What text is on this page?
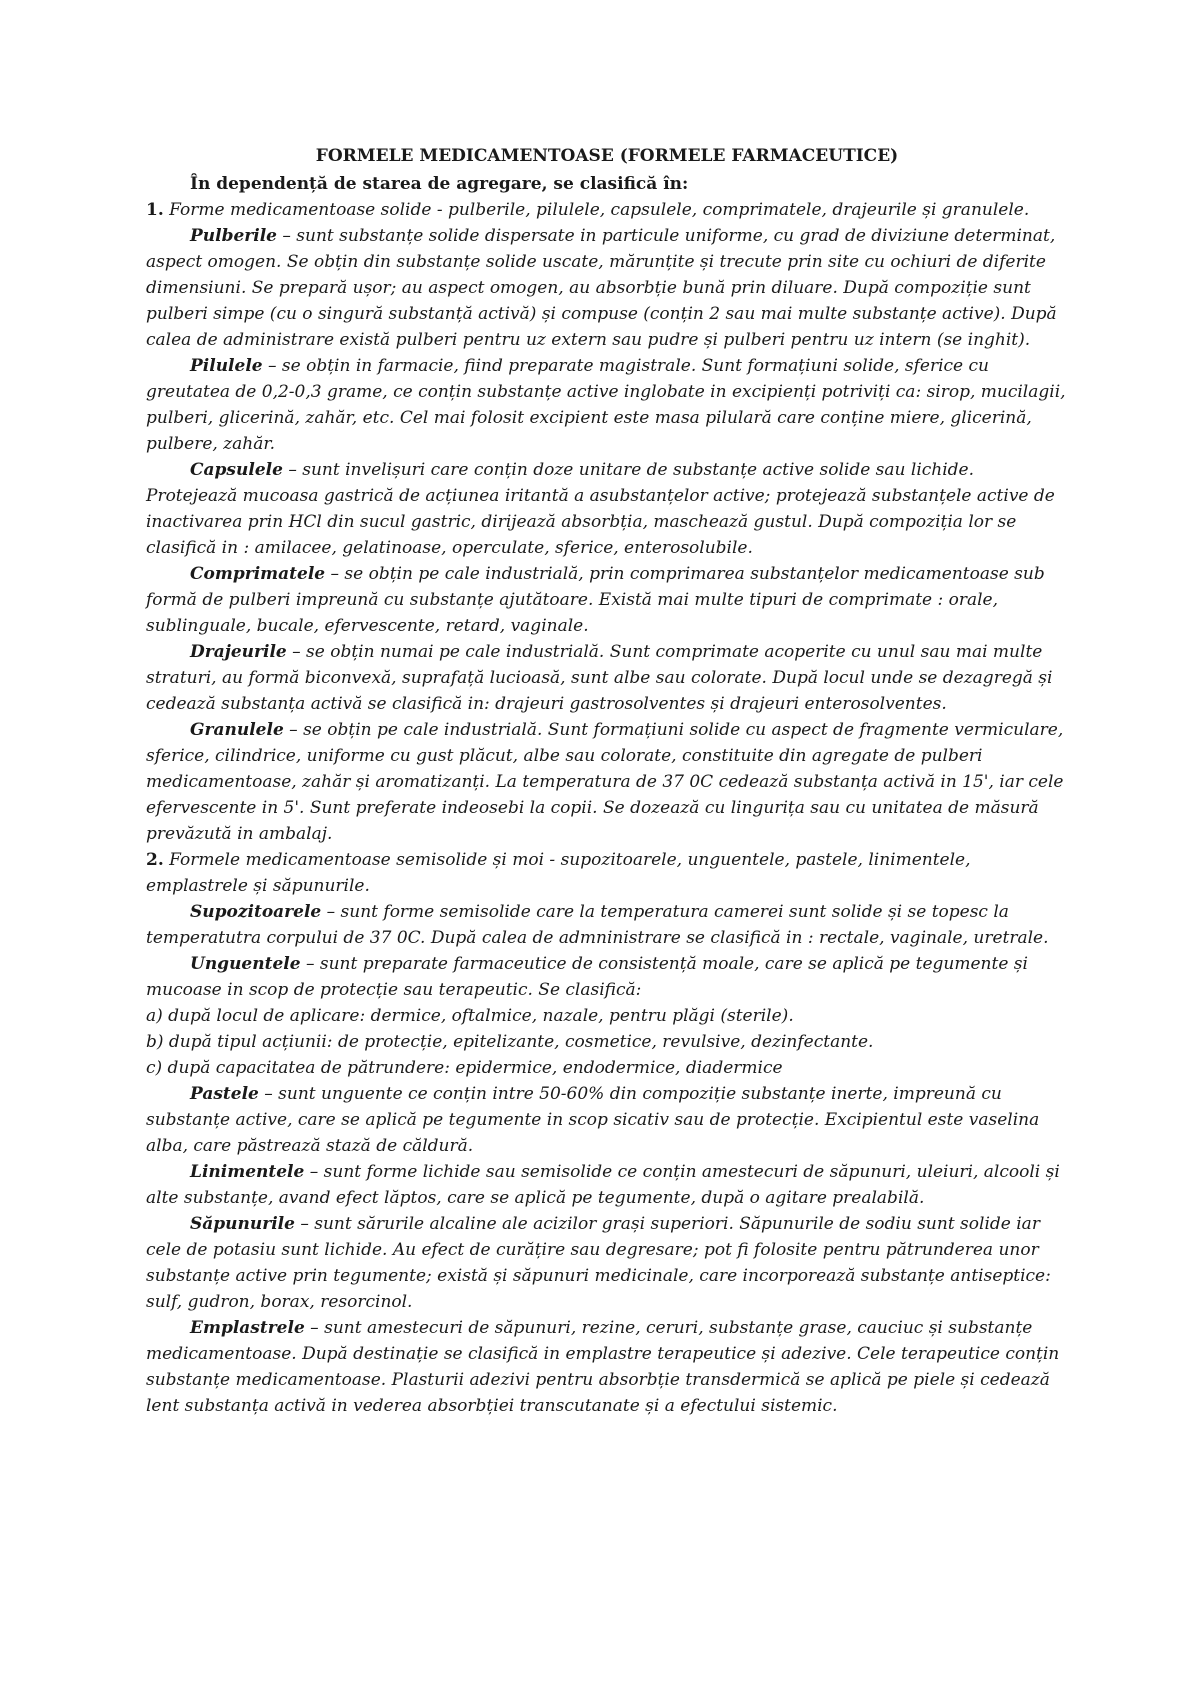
FORMELE MEDICAMENTOASE (FORMELE FARMACEUTICE)
În dependență de starea de agregare, se clasifică în:
1. Forme medicamentoase solide - pulberile, pilulele, capsulele, comprimatele, drajeurile și granulele.
Pulberile – sunt substanțe solide dispersate in particule uniforme, cu grad de diviziune determinat, aspect omogen. Se obțin din substanțe solide uscate, mărunțite și trecute prin site cu ochiuri de diferite dimensiuni. Se prepară ușor; au aspect omogen, au absorbție bună prin diluare. După compoziție sunt pulberi simpe (cu o singură substanță activă) și compuse (conțin 2 sau mai multe substanțe active). După calea de administrare există pulberi pentru uz extern sau pudre și pulberi pentru uz intern (se inghit).
Pilulele – se obțin in farmacie, fiind preparate magistrale. Sunt formațiuni solide, sferice cu greutatea de 0,2-0,3 grame, ce conțin substanțe active inglobate in excipienți potriviți ca: sirop, mucilagii, pulberi, glicerină, zahăr, etc. Cel mai folosit excipient este masa pilulară care conține miere, glicerină, pulbere, zahăr.
Capsulele – sunt invelișuri care conțin doze unitare de substanțe active solide sau lichide. Protejează mucoasa gastrică de acțiunea iritantă a asubstanțelor active; protejează substanțele active de inactivarea prin HCl din sucul gastric, dirijează absorbția, maschează gustul. După compoziția lor se clasifică in : amilacee, gelatinoase, operculate, sferice, enterosolubile.
Comprimatele – se obțin pe cale industrială, prin comprimarea substanțelor medicamentoase sub formă de pulberi impreună cu substanțe ajutătoare. Există mai multe tipuri de comprimate : orale, sublinguale, bucale, efervescente, retard, vaginale.
Drajeurile – se obțin numai pe cale industrială. Sunt comprimate acoperite cu unul sau mai multe straturi, au formă biconvexă, suprafață lucioasă, sunt albe sau colorate. După locul unde se dezagregă și cedează substanța activă se clasifică in: drajeuri gastrosolventes și drajeuri enterosolventes.
Granulele – se obțin pe cale industrială. Sunt formațiuni solide cu aspect de fragmente vermiculare, sferice, cilindrice, uniforme cu gust plăcut, albe sau colorate, constituite din agregate de pulberi medicamentoase, zahăr și aromatizanți. La temperatura de 37 0C cedează substanța activă in 15', iar cele efervescente in 5'. Sunt preferate indeosebi la copii. Se dozează cu lingurița sau cu unitatea de măsură prevăzută in ambalaj.
2. Formele medicamentoase semisolide și moi - supozitoarele, unguentele, pastele, linimentele, emplastrele și săpunurile.
Supozitoarele – sunt forme semisolide care la temperatura camerei sunt solide și se topesc la temperatutra corpului de 37 0C. După calea de admninistrare se clasifică in : rectale, vaginale, uretrale.
Unguentele – sunt preparate farmaceutice de consistență moale, care se aplică pe tegumente și mucoase in scop de protecție sau terapeutic. Se clasifică:
a) după locul de aplicare: dermice, oftalmice, nazale, pentru plăgi (sterile).
b) după tipul acțiunii: de protecție, epitelizante, cosmetice, revulsive, dezinfectante.
c) după capacitatea de pătrundere: epidermice, endodermice, diadermice
Pastele – sunt unguente ce conțin intre 50-60% din compoziție substanțe inerte, impreună cu substanțe active, care se aplică pe tegumente in scop sicativ sau de protecție. Excipientul este vaselina alba, care păstrează stază de căldură.
Linimentele – sunt forme lichide sau semisolide ce conțin amestecuri de săpunuri, uleiuri, alcooli și alte substanțe, avand efect lăptos, care se aplică pe tegumente, după o agitare prealabilă.
Săpunurile – sunt sărurile alcaline ale acizilor grași superiori. Săpunurile de sodiu sunt solide iar cele de potasiu sunt lichide. Au efect de curățire sau degresare; pot fi folosite pentru pătrunderea unor substanțe active prin tegumente; există și săpunuri medicinale, care incorporează substanțe antiseptice: sulf, gudron, borax, resorcinol.
Emplastrele – sunt amestecuri de săpunuri, rezine, ceruri, substanțe grase, cauciuc și substanțe medicamentoase. După destinație se clasifică in emplastre terapeutice și adezive. Cele terapeutice conțin substanțe medicamentoase. Plasturii adezivi pentru absorbție transdermică se aplică pe piele și cedează lent substanța activă in vederea absorbției transcutanate și a efectului sistemic.
